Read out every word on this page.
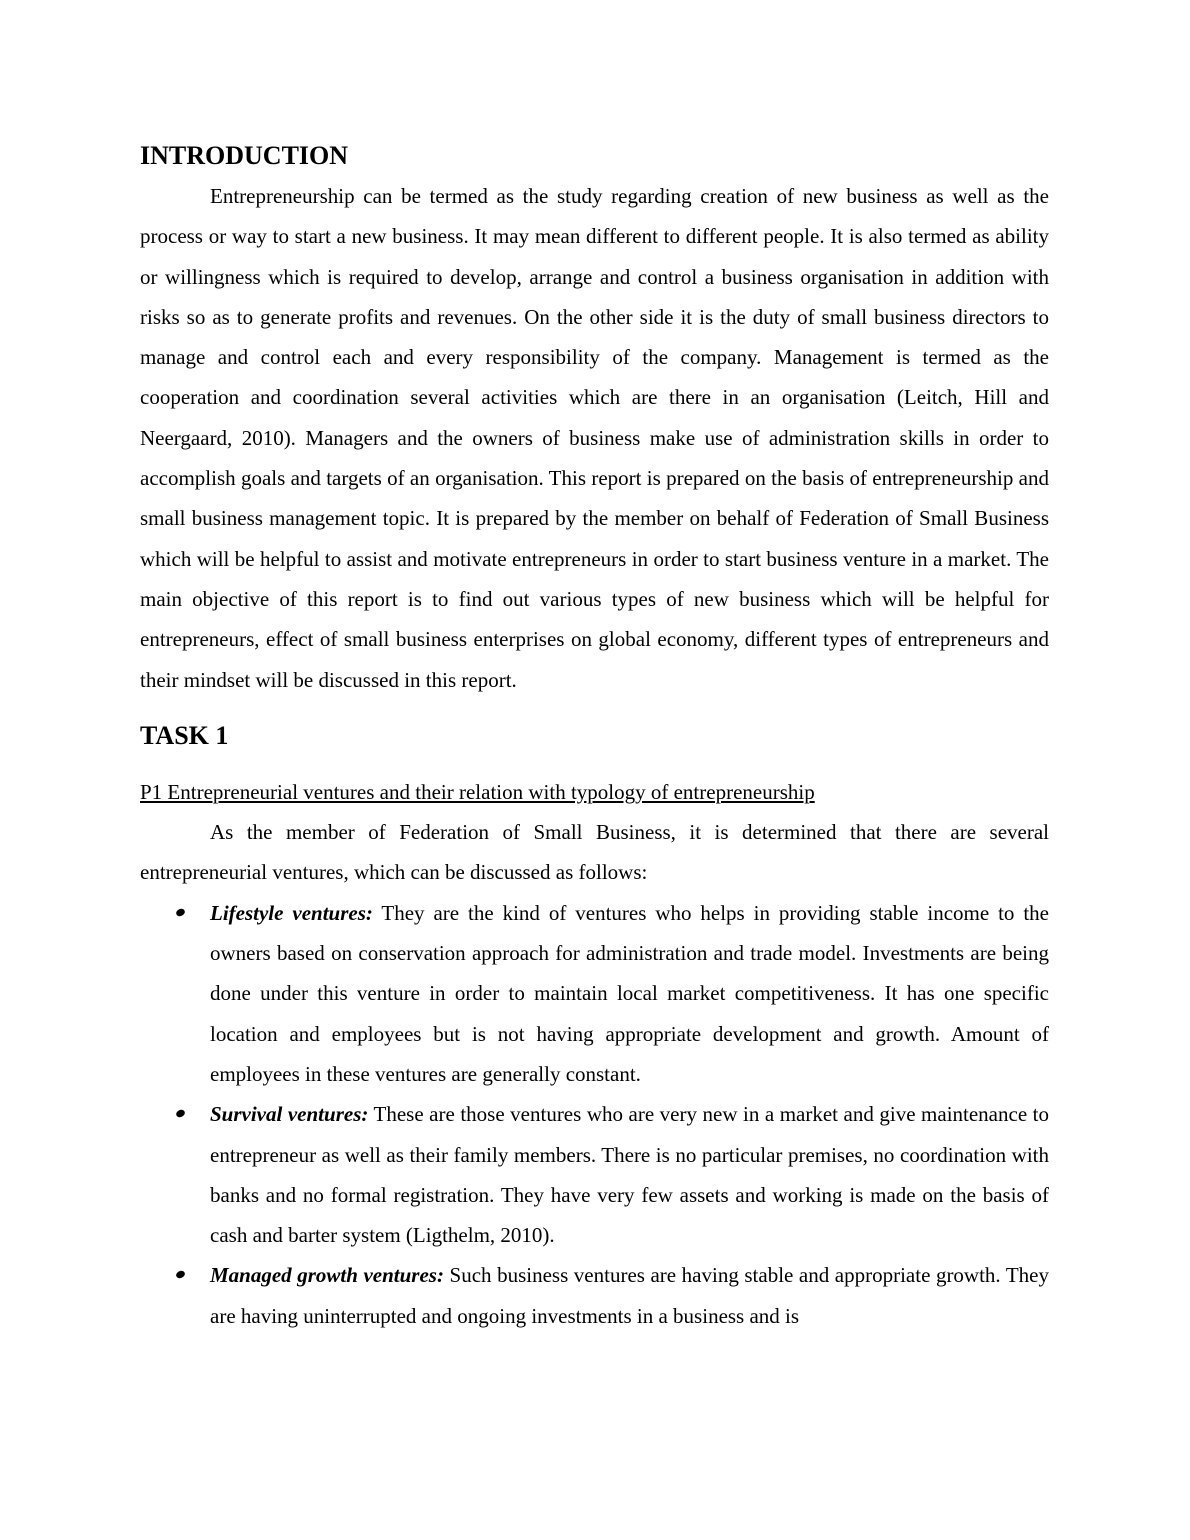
INTRODUCTION

Entrepreneurship can be termed as the study regarding creation of new business as well as the process or way to start a new business. It may mean different to different people. It is also termed as ability or willingness which is required to develop, arrange and control a business organisation in addition with risks so as to generate profits and revenues. On the other side it is the duty of small business directors to manage and control each and every responsibility of the company. Management is termed as the cooperation and coordination several activities which are there in an organisation (Leitch, Hill and Neergaard, 2010). Managers and the owners of business make use of administration skills in order to accomplish goals and targets of an organisation. This report is prepared on the basis of entrepreneurship and small business management topic. It is prepared by the member on behalf of Federation of Small Business which will be helpful to assist and motivate entrepreneurs in order to start business venture in a market. The main objective of this report is to find out various types of new business which will be helpful for entrepreneurs, effect of small business enterprises on global economy, different types of entrepreneurs and their mindset will be discussed in this report.

TASK 1

P1 Entrepreneurial ventures and their relation with typology of entrepreneurship

As the member of Federation of Small Business, it is determined that there are several entrepreneurial ventures, which can be discussed as follows:

Lifestyle ventures: They are the kind of ventures who helps in providing stable income to the owners based on conservation approach for administration and trade model. Investments are being done under this venture in order to maintain local market competitiveness. It has one specific location and employees but is not having appropriate development and growth. Amount of employees in these ventures are generally constant.
Survival ventures: These are those ventures who are very new in a market and give maintenance to entrepreneur as well as their family members. There is no particular premises, no coordination with banks and no formal registration. They have very few assets and working is made on the basis of cash and barter system (Ligthelm, 2010).
Managed growth ventures: Such business ventures are having stable and appropriate growth. They are having uninterrupted and ongoing investments in a business and is
